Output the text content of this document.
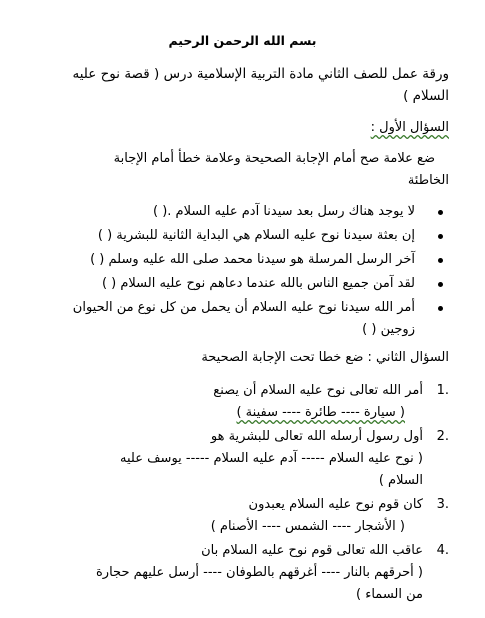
بسم الله الرحمن الرحيم
ورقة عمل للصف الثاني مادة التربية الإسلامية درس ( قصة نوح عليه
السلام )
السؤال الأول :
ضع علامة صح أمام الإجابة الصحيحة وعلامة خطأ أمام الإجابة
الخاطئة
لا يوجد هناك رسل بعد سيدنا آدم عليه السلام .( )
إن بعثة سيدنا نوح عليه السلام هي البداية الثانية للبشرية ( )
آخر الرسل المرسلة هو سيدنا محمد صلى الله عليه وسلم ( )
لقد آمن جميع الناس بالله عندما دعاهم نوح عليه السلام ( )
أمر الله سيدنا نوح عليه السلام أن يحمل من كل نوع من الحيوان
زوجين ( )
السؤال الثاني : ضع خطا تحت الإجابة الصحيحة
1.
أمر الله تعالى نوح عليه السلام أن يصنع
( سيارة ---- طائرة ---- سفينة )
2.
أول رسول أرسله الله تعالى للبشرية هو
( نوح عليه السلام ----- آدم عليه السلام ----- يوسف عليه
السلام )
3.
كان قوم نوح عليه السلام يعبدون
( الأشجار ---- الشمس ---- الأصنام )
4.
عاقب الله تعالى قوم نوح عليه السلام بان
( أحرقهم بالنار ---- أغرقهم بالطوفان ---- أرسل عليهم حجارة
من السماء )
